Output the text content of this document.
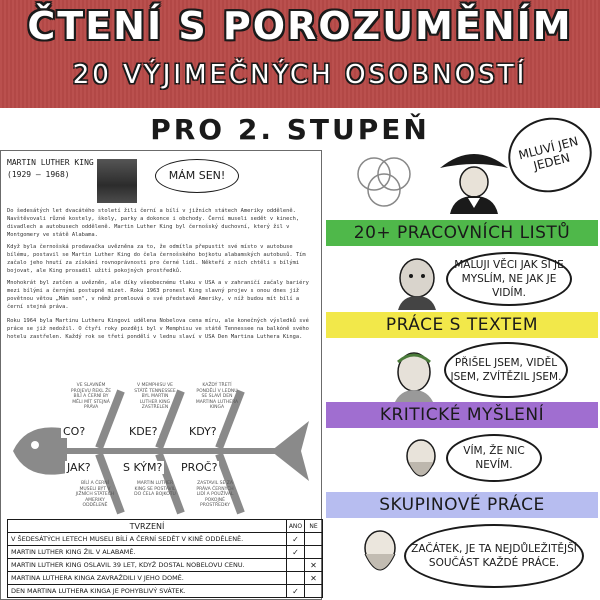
ČTENÍ S POROZUMĚNÍM
20 VÝJIMEČNÝCH OSOBNOSTÍ
PRO 2. STUPEŇ
MARTIN LUTHER KING
(1929 – 1968)	MÁM SEN!
Do šedesátých let dvacátého století žili černí a bílí v jižních státech Ameriky odděleně. Navštěvovali různé kostely, školy, parky a dokonce i obchody. Černí museli sedět v kinech, divadlech a autobusech odděleně. Martin Luther King byl černošský duchovní, který žil v Montgomery ve státě Alabama.
Když byla černošská prodavačka uvězněna za to, že odmítla přepustit své místo v autobuse bílému, postavil se Martin Luther King do čela černošského bojkotu alabamských autobusů. Tím začalo jeho hnutí za získání rovnoprávnosti pro černé lidi. Někteří z nich chtěli s bílými bojovat, ale King prosadil užití pokojných prostředků.
Mnohokrát byl zatčen a uvězněn, ale díky všeobecnému tlaku v USA a v zahraničí začaly bariéry mezi bílými a černými postupně mizet. Roku 1963 pronesl King slavný projev s onou dnes již povětnou větou „Mám sen", v němž promlouvá o své představě Ameriky, v níž budou mít bílí a černí stejná práva.
Roku 1964 byla Martinu Lutheru Kingovi udělena Nobelova cena míru, ale konečných výsledků své práce se již nedožil. O čtyři roky později byl v Memphisu ve státě Tennessee na balkóně svého hotelu zastřelen. Každý rok se třetí pondělí v lednu slaví v USA Den Martina Luthera Kinga.
CO?	KDE?	KDY?
JAK?	S KÝM? PROČ?
VE SLAVNÉM PROJEVU ŘEKL ŽE BÍLÍ A ČERNÍ BY MĚLI MÍT STEJNÁ PRÁVA
V MEMPHISU VE STÁTĚ TENNESSEE BYL MARTIN LUTHER KING ZASTŘELEN
KAŽDÝ TŘETÍ PONDĚLÍ V LEDNU SE SLAVÍ DEN MARTINA LUTHERA KINGA
BÍLÍ A ČERNÍ MUSELI BÝT V JIŽNÍCH STÁTECH AMERIKY ODDĚLENĚ
MARTIN LUTHER KING SE POSTAVIL DO ČELA BOJKOTU
ZASTAVIL SE ZA PRÁVA ČERNÝCH LIDÍ A POUŽÍVAL POKOJNÉ PROSTŘEDKY
TVRZENÍ	ANO	NE
V ŠEDESÁTÝCH LETECH MUSELI BÍLÍ A ČERNÍ SEDĚT V KINĚ ODDĚLENĚ.	✓	
MARTIN LUTHER KING ŽIL V ALABAMĚ.	✓	
MARTIN LUTHER KING OSLAVIL 39 LET, KDYŽ DOSTAL NOBELOVU CENU.		✕
MARTINA LUTHERA KINGA ZAVRAŽDILI V JEHO DOMĚ.		✕
DEN MARTINA LUTHERA KINGA JE POHYBLIVÝ SVÁTEK.	✓	
MLUVÍ JEN JEDEN
20+ PRACOVNÍCH LISTŮ
MALUJI VĚCI JAK SI JE MYSLÍM, NE JAK JE VIDÍM.
PRÁCE S TEXTEM
PŘIŠEL JSEM, VIDĚL JSEM, ZVÍTĚZIL JSEM.
KRITICKÉ MYŠLENÍ
VÍM, ŽE NIC NEVÍM.
SKUPINOVÉ PRÁCE
ZAČÁTEK, JE TA NEJDŮLEŽITĚJŠÍ SOUČÁST KAŽDÉ PRÁCE.
